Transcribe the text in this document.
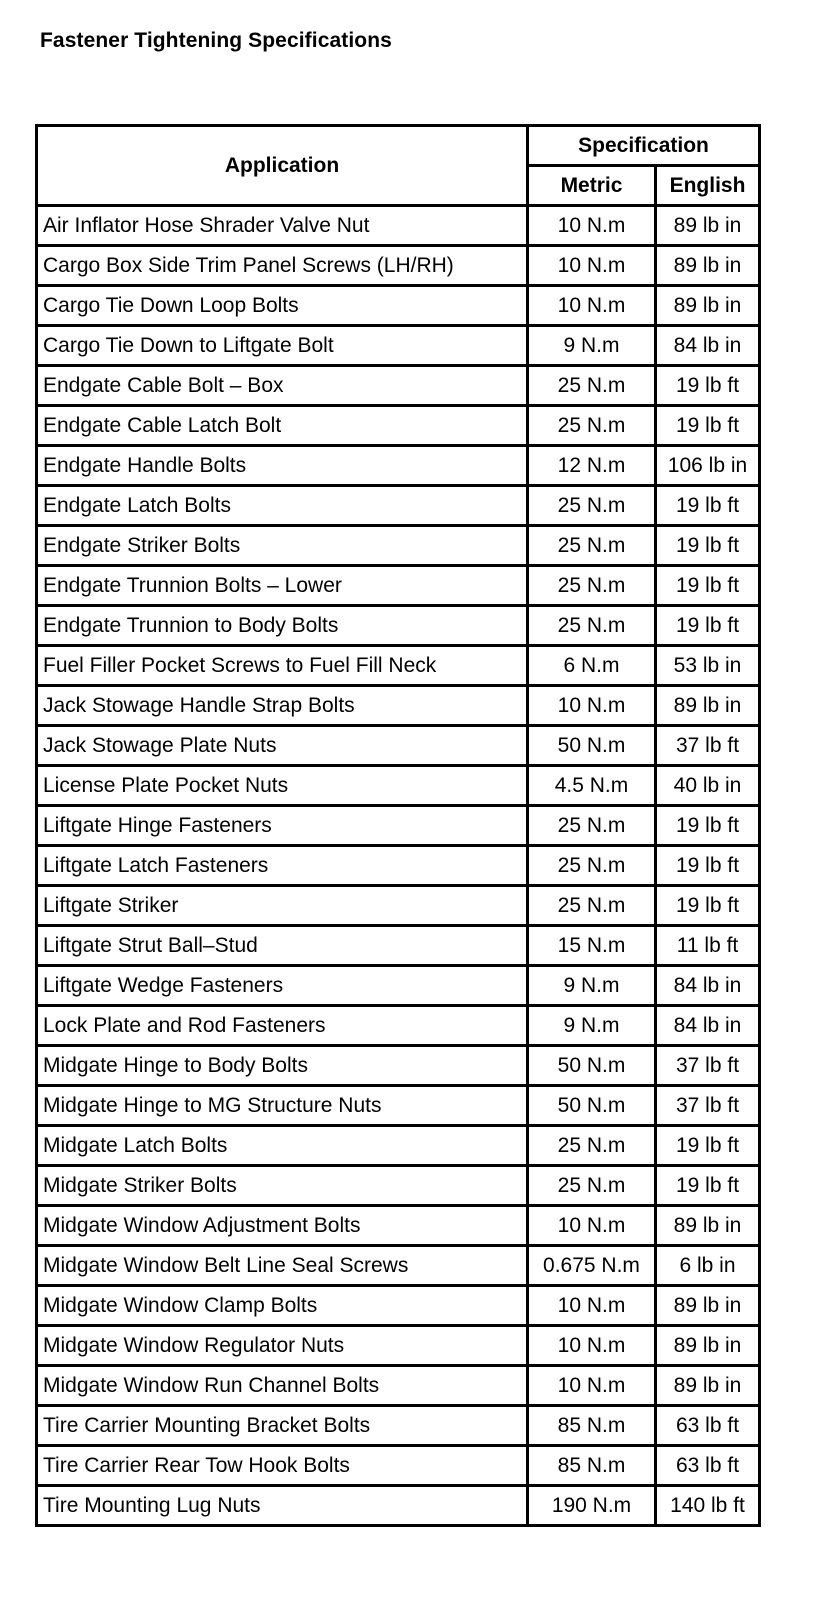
Fastener Tightening Specifications
Application	Specification	
	Metric	English
Air Inflator Hose Shrader Valve Nut	10 N.m	89 lb in
Cargo Box Side Trim Panel Screws (LH/RH)	10 N.m	89 lb in
Cargo Tie Down Loop Bolts	10 N.m	89 lb in
Cargo Tie Down to Liftgate Bolt	9 N.m	84 lb in
Endgate Cable Bolt – Box	25 N.m	19 lb ft
Endgate Cable Latch Bolt	25 N.m	19 lb ft
Endgate Handle Bolts	12 N.m	106 lb in
Endgate Latch Bolts	25 N.m	19 lb ft
Endgate Striker Bolts	25 N.m	19 lb ft
Endgate Trunnion Bolts – Lower	25 N.m	19 lb ft
Endgate Trunnion to Body Bolts	25 N.m	19 lb ft
Fuel Filler Pocket Screws to Fuel Fill Neck	6 N.m	53 lb in
Jack Stowage Handle Strap Bolts	10 N.m	89 lb in
Jack Stowage Plate Nuts	50 N.m	37 lb ft
License Plate Pocket Nuts	4.5 N.m	40 lb in
Liftgate Hinge Fasteners	25 N.m	19 lb ft
Liftgate Latch Fasteners	25 N.m	19 lb ft
Liftgate Striker	25 N.m	19 lb ft
Liftgate Strut Ball–Stud	15 N.m	11 lb ft
Liftgate Wedge Fasteners	9 N.m	84 lb in
Lock Plate and Rod Fasteners	9 N.m	84 lb in
Midgate Hinge to Body Bolts	50 N.m	37 lb ft
Midgate Hinge to MG Structure Nuts	50 N.m	37 lb ft
Midgate Latch Bolts	25 N.m	19 lb ft
Midgate Striker Bolts	25 N.m	19 lb ft
Midgate Window Adjustment Bolts	10 N.m	89 lb in
Midgate Window Belt Line Seal Screws	0.675 N.m	6 lb in
Midgate Window Clamp Bolts	10 N.m	89 lb in
Midgate Window Regulator Nuts	10 N.m	89 lb in
Midgate Window Run Channel Bolts	10 N.m	89 lb in
Tire Carrier Mounting Bracket Bolts	85 N.m	63 lb ft
Tire Carrier Rear Tow Hook Bolts	85 N.m	63 lb ft
Tire Mounting Lug Nuts	190 N.m	140 lb ft
